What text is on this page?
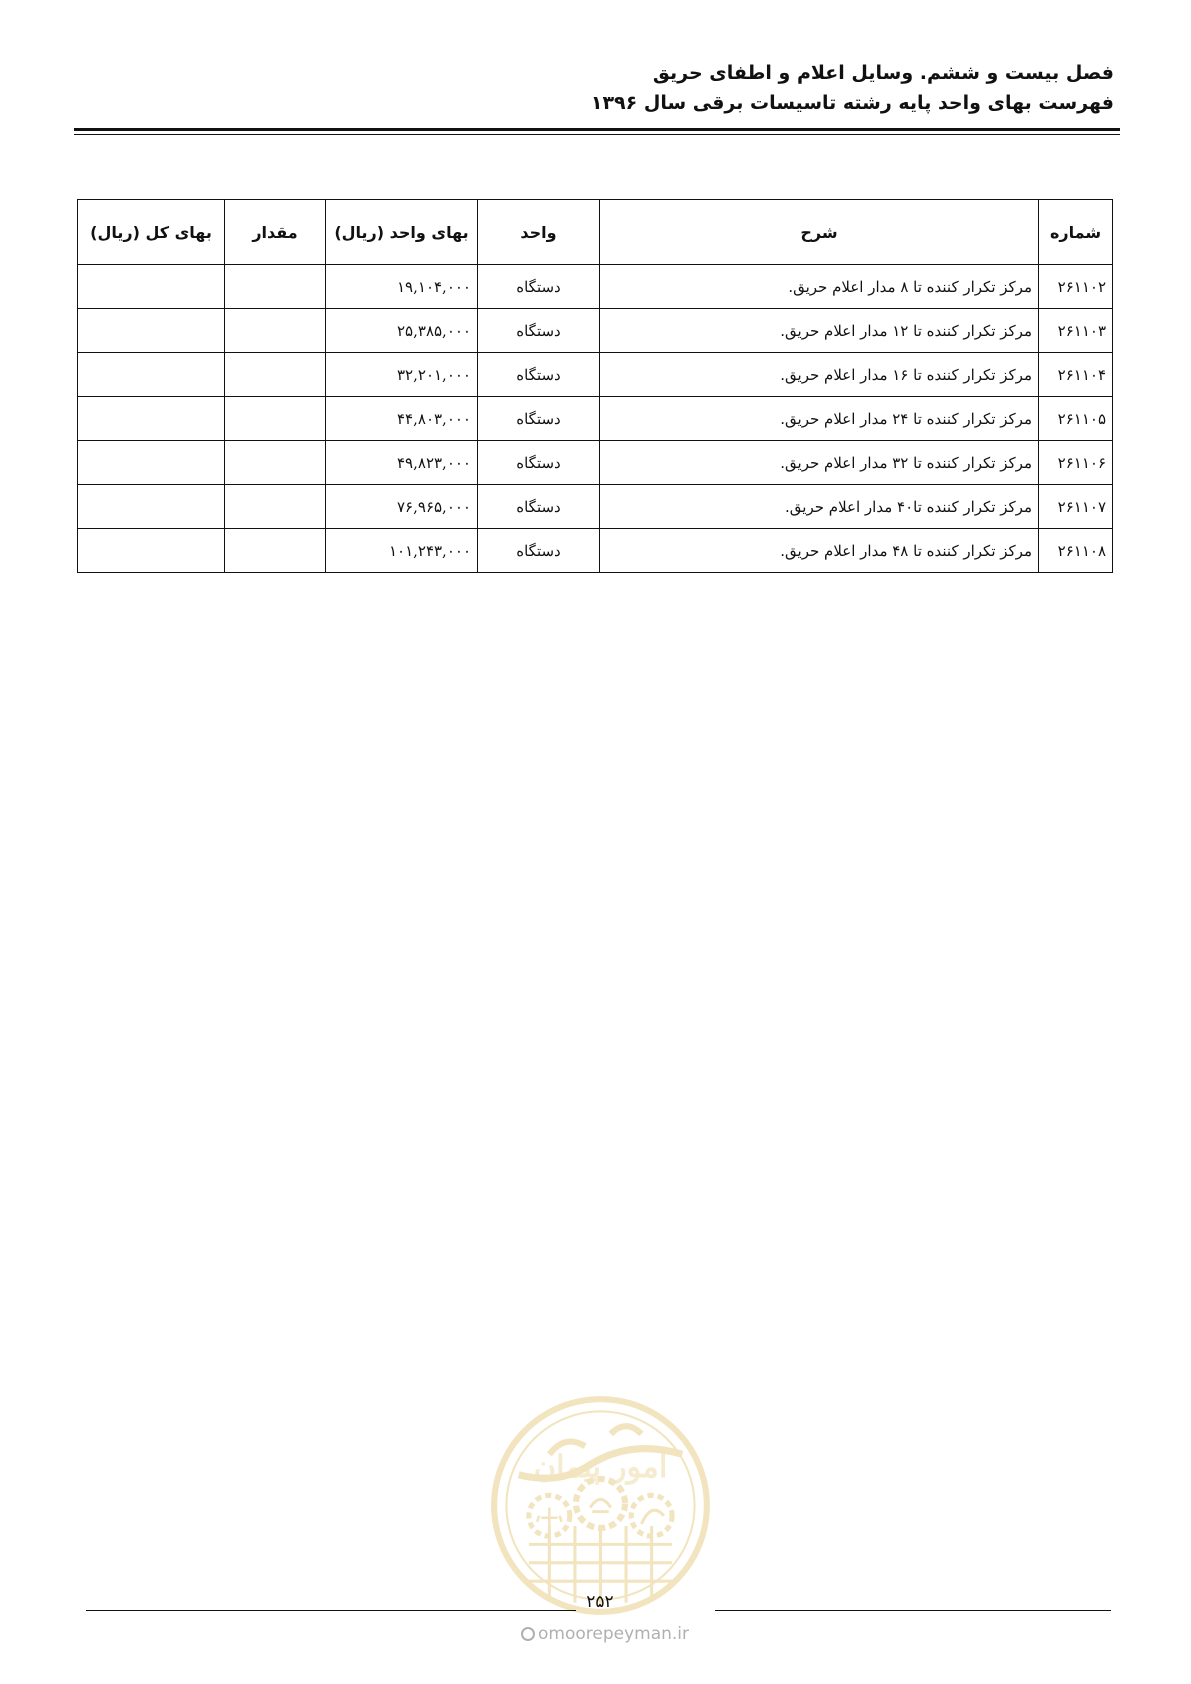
فصل بیست و ششم. وسایل اعلام و اطفای حریق
فهرست بهای واحد پایه رشته تاسیسات برقی سال ۱۳۹۶
شماره	شرح	واحد	بهای واحد (ریال)	مقدار	بهای کل (ریال)
۲۶۱۱۰۲	مرکز تکرار کننده تا ۸ مدار اعلام حریق.	دستگاه	۱۹,۱۰۴,۰۰۰		
۲۶۱۱۰۳	مرکز تکرار کننده تا ۱۲ مدار اعلام حریق.	دستگاه	۲۵,۳۸۵,۰۰۰		
۲۶۱۱۰۴	مرکز تکرار کننده تا ۱۶ مدار اعلام حریق.	دستگاه	۳۲,۲۰۱,۰۰۰		
۲۶۱۱۰۵	مرکز تکرار کننده تا ۲۴ مدار اعلام حریق.	دستگاه	۴۴,۸۰۳,۰۰۰		
۲۶۱۱۰۶	مرکز تکرار کننده تا ۳۲ مدار اعلام حریق.	دستگاه	۴۹,۸۲۳,۰۰۰		
۲۶۱۱۰۷	مرکز تکرار کننده تا۴۰ مدار اعلام حریق.	دستگاه	۷۶,۹۶۵,۰۰۰		
۲۶۱۱۰۸	مرکز تکرار کننده تا ۴۸ مدار اعلام حریق.	دستگاه	۱۰۱,۲۴۳,۰۰۰		
امور پیمان
۲۵۲
omoorepeyman.ir
